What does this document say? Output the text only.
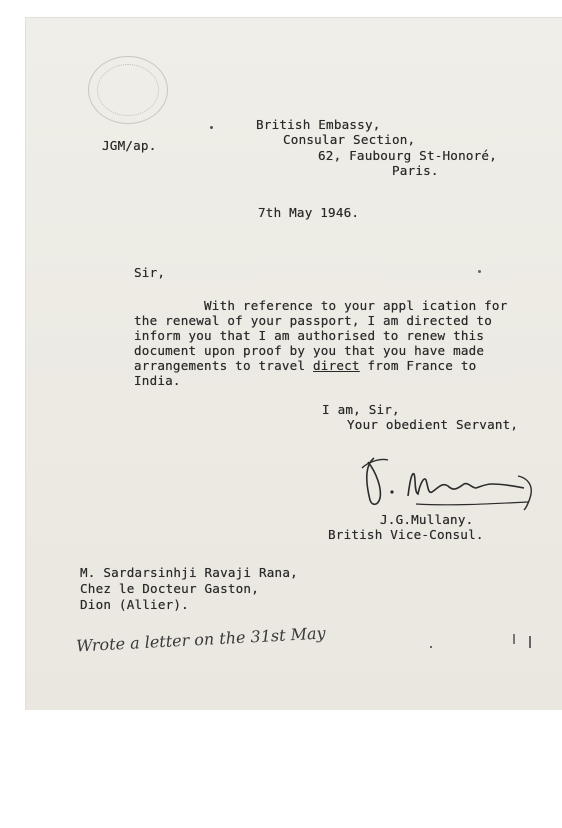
JGM/ap.
British Embassy,
Consular Section,
62, Faubourg St-Honoré,
Paris.
7th May 1946.
Sir,
With reference to your appl ication for
the renewal of your passport, I am directed to
inform you that I am authorised to renew this
document upon proof by you that you have made
arrangements to travel direct from France to
India.
I am, Sir,
Your obedient Servant,
Mullany
J.G.Mullany.
British Vice-Consul.
M. Sardarsinhji Ravaji Rana,
Chez le Docteur Gaston,
Dion (Allier).
Wrote a letter on the 31st May
